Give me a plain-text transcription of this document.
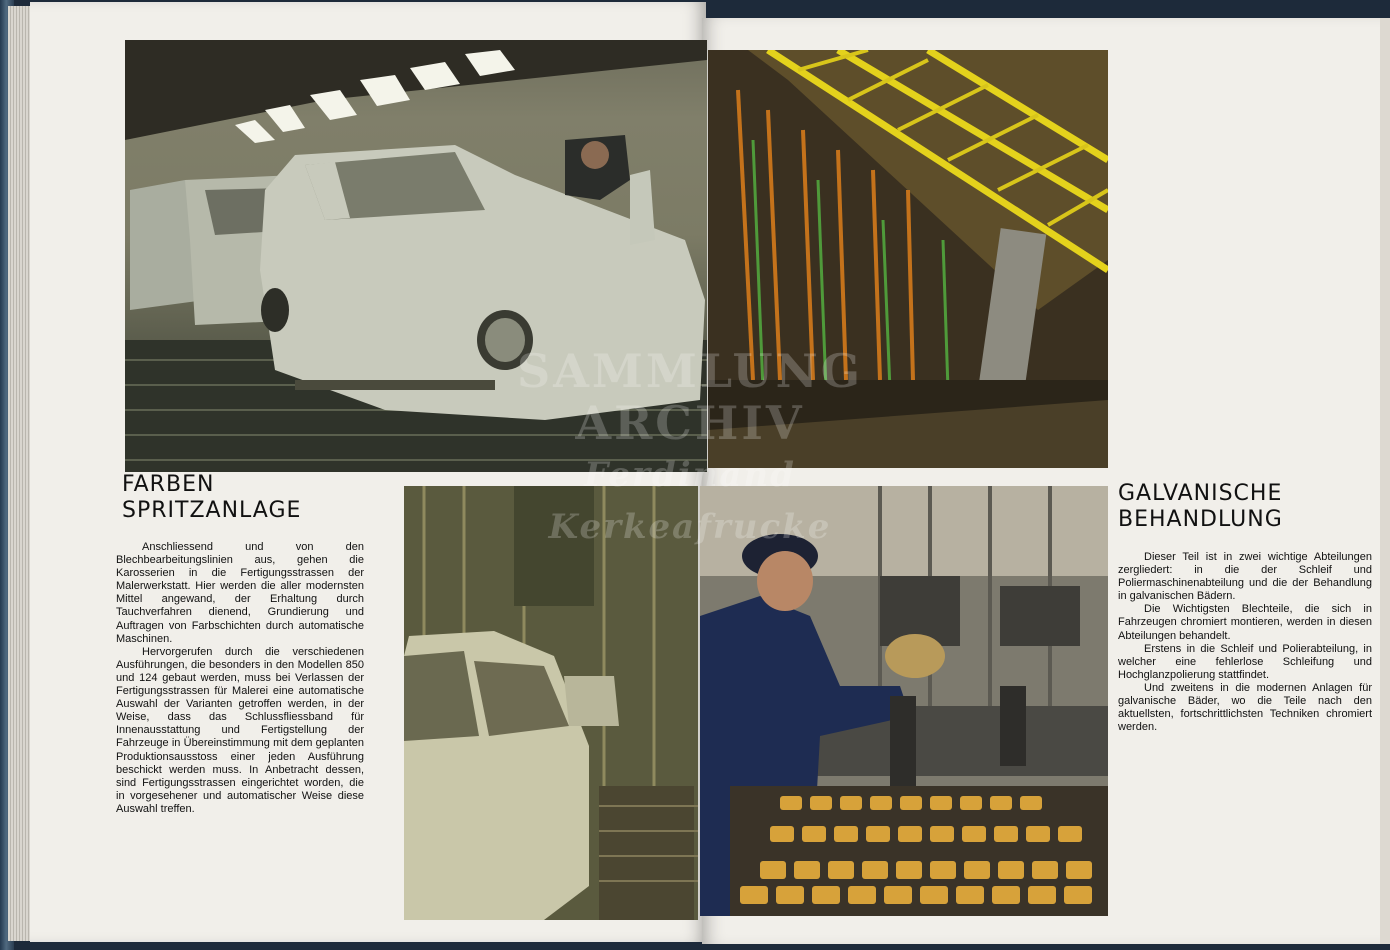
FARBEN
SPRITZANLAGE

Anschliessend und von den Blechbearbeitungslinien aus, gehen die Karosserien in die Fertigungsstrassen der Malerwerkstatt. Hier werden die aller modernsten Mittel angewand, der Erhaltung durch Tauchverfahren dienend, Grundierung und Auftragen von Farbschichten durch automatische Maschinen.

Hervorgerufen durch die verschiedenen Ausführungen, die besonders in den Modellen 850 und 124 gebaut werden, muss bei Verlassen der Fertigungsstrassen für Malerei eine automatische Auswahl der Varianten getroffen werden, in der Weise, dass das Schlussfliessband für Innenausstattung und Fertigstellung der Fahrzeuge in Übereinstimmung mit dem geplanten Produktionsausstoss einer jeden Ausführung beschickt werden muss. In Anbetracht dessen, sind Fertigungsstrassen eingerichtet worden, die in vorgesehener und automatischer Weise diese Auswahl treffen.

GALVANISCHE
BEHANDLUNG

Dieser Teil ist in zwei wichtige Abteilungen zergliedert: in die der Schleif und Poliermaschinenabteilung und die der Behandlung in galvanischen Bädern.

Die Wichtigsten Blechteile, die sich in Fahrzeugen chromiert montieren, werden in diesen Abteilungen behandelt.

Erstens in die Schleif und Polierabteilung, in welcher eine fehlerlose Schleifung und Hochglanzpolierung stattfindet.

Und zweitens in die modernen Anlagen für galvanische Bäder, wo die Teile nach den aktuellsten, fortschrittlichsten Techniken chromiert werden.

SAMMLUNG
ARCHIV
Ferdinand
Kerkeafrucke
